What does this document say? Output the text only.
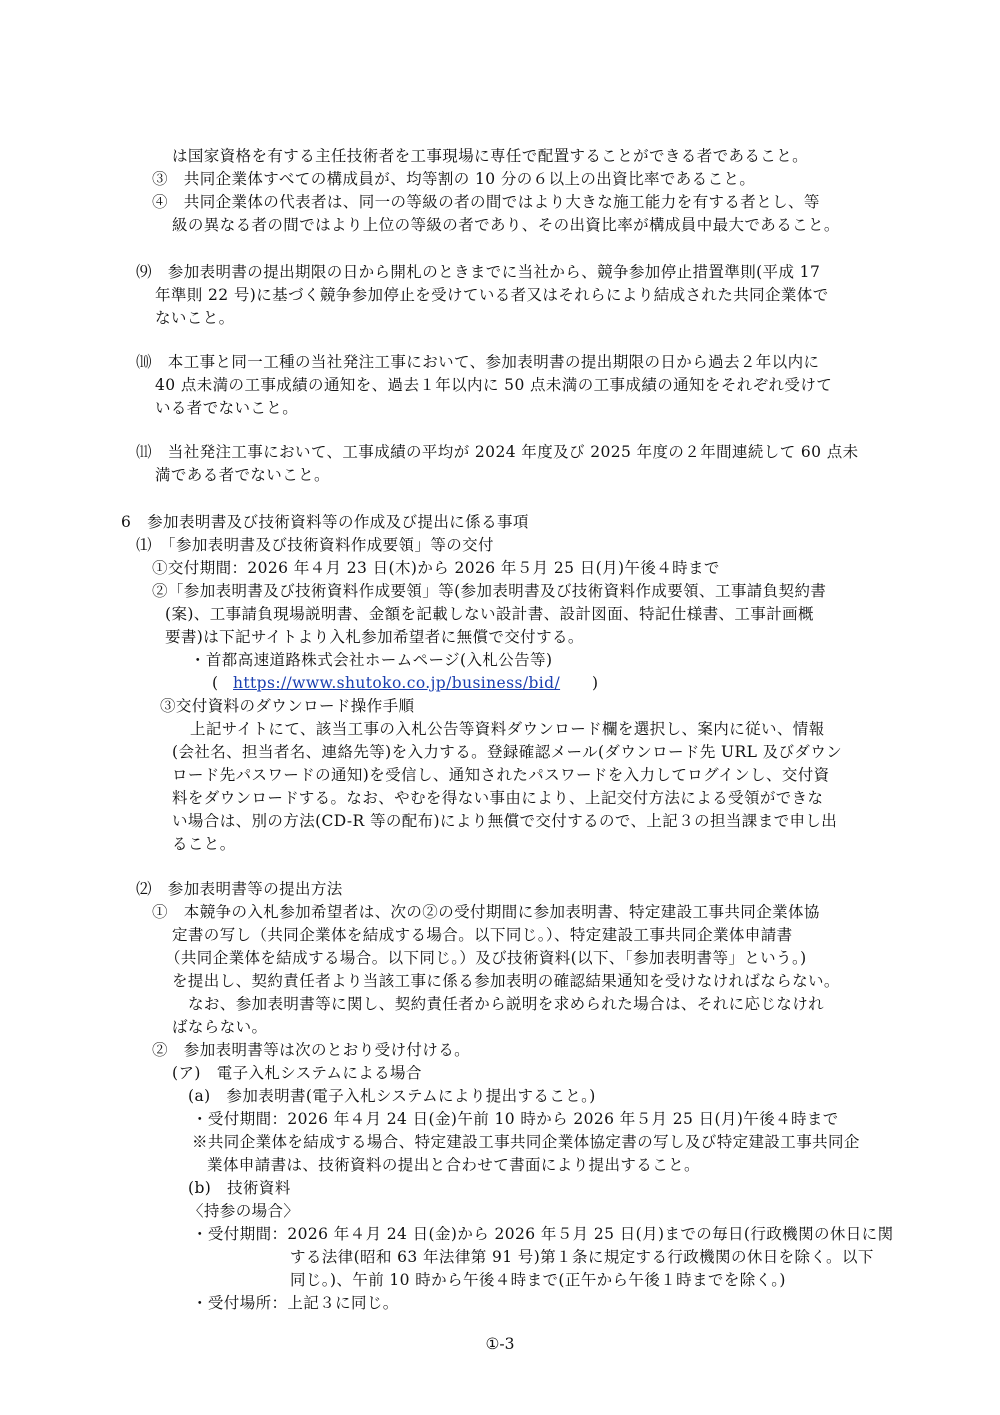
は国家資格を有する主任技術者を工事現場に専任で配置することができる者であること。
③　共同企業体すべての構成員が、均等割の 10 分の６以上の出資比率であること。
④　共同企業体の代表者は、同一の等級の者の間ではより大きな施工能力を有する者とし、等
級の異なる者の間ではより上位の等級の者であり、その出資比率が構成員中最大であること。
⑼　参加表明書の提出期限の日から開札のときまでに当社から、競争参加停止措置準則(平成 17
年準則 22 号)に基づく競争参加停止を受けている者又はそれらにより結成された共同企業体で
ないこと。
⑽　本工事と同一工種の当社発注工事において、参加表明書の提出期限の日から過去２年以内に
40 点未満の工事成績の通知を、過去１年以内に 50 点未満の工事成績の通知をそれぞれ受けて
いる者でないこと。
⑾　当社発注工事において、工事成績の平均が 2024 年度及び 2025 年度の２年間連続して 60 点未
満である者でないこと。
6　参加表明書及び技術資料等の作成及び提出に係る事項
⑴　「参加表明書及び技術資料作成要領」等の交付
①交付期間：2026 年４月 23 日(木)から 2026 年５月 25 日(月)午後４時まで
②「参加表明書及び技術資料作成要領」等(参加表明書及び技術資料作成要領、工事請負契約書
(案)、工事請負現場説明書、金額を記載しない設計書、設計図面、特記仕様書、工事計画概
要書)は下記サイトより入札参加希望者に無償で交付する。
・首都高速道路株式会社ホームページ(入札公告等)
( https://www.shutoko.co.jp/business/bid/ )
③交付資料のダウンロード操作手順
上記サイトにて、該当工事の入札公告等資料ダウンロード欄を選択し、案内に従い、情報
(会社名、担当者名、連絡先等)を入力する。登録確認メール(ダウンロード先 URL 及びダウン
ロード先パスワードの通知)を受信し、通知されたパスワードを入力してログインし、交付資
料をダウンロードする。なお、やむを得ない事由により、上記交付方法による受領ができな
い場合は、別の方法(CD-R 等の配布)により無償で交付するので、上記３の担当課まで申し出
ること。
⑵　参加表明書等の提出方法
①　本競争の入札参加希望者は、次の②の受付期間に参加表明書、特定建設工事共同企業体協
定書の写し（共同企業体を結成する場合。以下同じ。）、特定建設工事共同企業体申請書
（共同企業体を結成する場合。以下同じ。）及び技術資料(以下、「参加表明書等」という。)
を提出し、契約責任者より当該工事に係る参加表明の確認結果通知を受けなければならない。
なお、参加表明書等に関し、契約責任者から説明を求められた場合は、それに応じなけれ
ばならない。
②　参加表明書等は次のとおり受け付ける。
(ア)　電子入札システムによる場合
(a)　参加表明書(電子入札システムにより提出すること。)
・受付期間：2026 年４月 24 日(金)午前 10 時から 2026 年５月 25 日(月)午後４時まで
※共同企業体を結成する場合、特定建設工事共同企業体協定書の写し及び特定建設工事共同企
業体申請書は、技術資料の提出と合わせて書面により提出すること。
(b)　技術資料
〈持参の場合〉
・受付期間：2026 年４月 24 日(金)から 2026 年５月 25 日(月)までの毎日(行政機関の休日に関
する法律(昭和 63 年法律第 91 号)第１条に規定する行政機関の休日を除く。以下
同じ。)、午前 10 時から午後４時まで(正午から午後１時までを除く。)
・受付場所：上記３に同じ。
①-3
